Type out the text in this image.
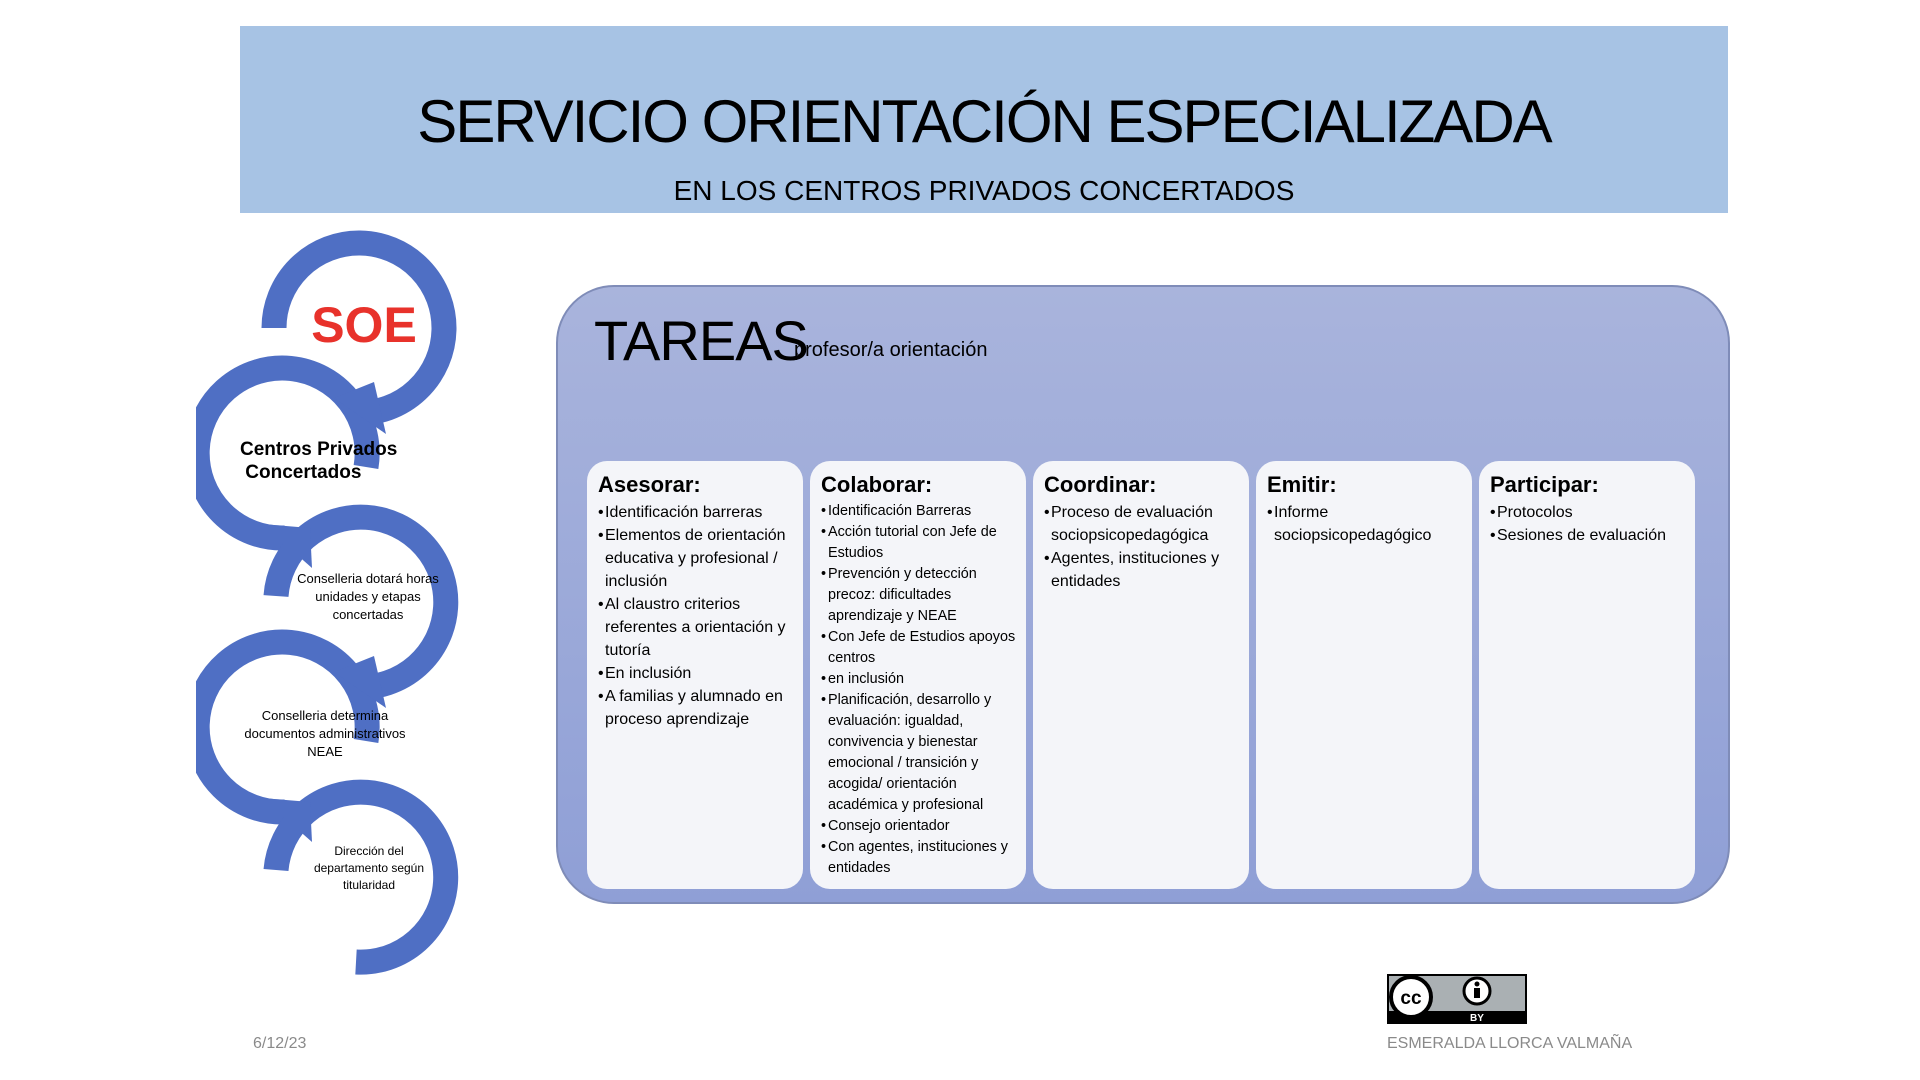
SERVICIO ORIENTACIÓN ESPECIALIZADA
EN LOS CENTROS PRIVADOS CONCERTADOS
SOE
Centros Privados
Concertados
Conselleria dotará horas unidades y etapas concertadas
Conselleria determina documentos administrativos NEAE
Dirección del departamento según titularidad
TAREAS
profesor/a orientación
Asesorar:
• Identificación barreras
• Elementos de orientación educativa y profesional / inclusión
• Al claustro criterios referentes a orientación y tutoría
• En inclusión
• A familias y alumnado en proceso aprendizaje
Colaborar:
• Identificación Barreras
• Acción tutorial con Jefe de Estudios
• Prevención y detección precoz: dificultades aprendizaje y NEAE
• Con Jefe de Estudios apoyos centros
• en inclusión
• Planificación, desarrollo y evaluación: igualdad, convivencia y bienestar emocional / transición y acogida/ orientación académica y profesional
• Consejo orientador
• Con agentes, instituciones y entidades
Coordinar:
• Proceso de evaluación sociopsicopedagógica
• Agentes, instituciones y entidades
Emitir:
• Informe sociopsicopedagógico
Participar:
• Protocolos
• Sesiones de evaluación
cc
BY
6/12/23	ESMERALDA LLORCA VALMAÑA
